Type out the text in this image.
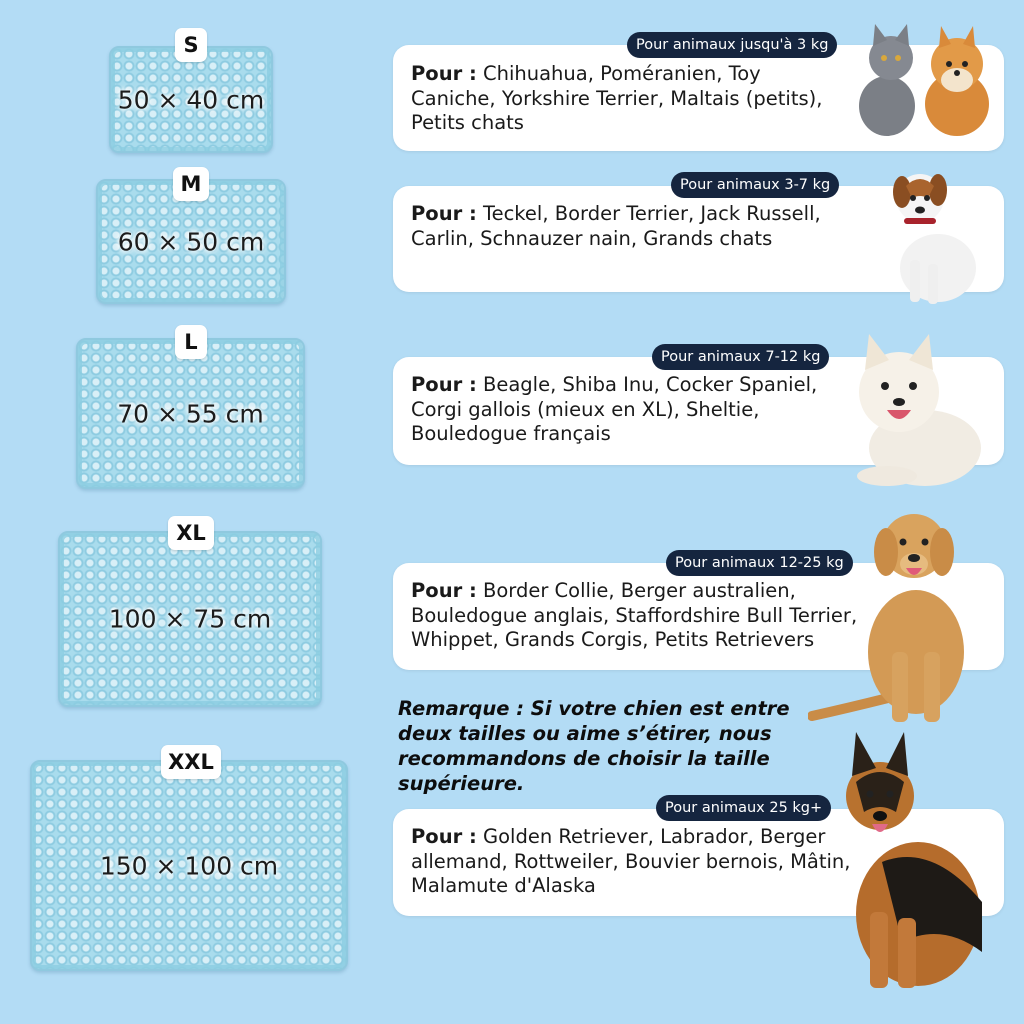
50 × 40 cm
S
60 × 50 cm
M
70 × 55 cm
L
100 × 75 cm
XL
150 × 100 cm
XXL
Pour : Chihuahua, Poméranien, Toy Caniche, Yorkshire Terrier, Maltais (petits), Petits chats
Pour animaux jusqu'à 3 kg
Pour : Teckel, Border Terrier, Jack Russell, Carlin, Schnauzer nain, Grands chats
Pour animaux 3-7 kg
Pour : Beagle, Shiba Inu, Cocker Spaniel, Corgi gallois (mieux en XL), Sheltie, Bouledogue français
Pour animaux 7-12 kg
Pour : Border Collie, Berger australien, Bouledogue anglais, Staffordshire Bull Terrier, Whippet, Grands Corgis, Petits Retrievers
Pour animaux 12-25 kg
Remarque : Si votre chien est entre deux tailles ou aime s’étirer, nous recommandons de choisir la taille supérieure.
Pour : Golden Retriever, Labrador, Berger allemand, Rottweiler, Bouvier bernois, Mâtin, Malamute d'Alaska
Pour animaux 25 kg+
